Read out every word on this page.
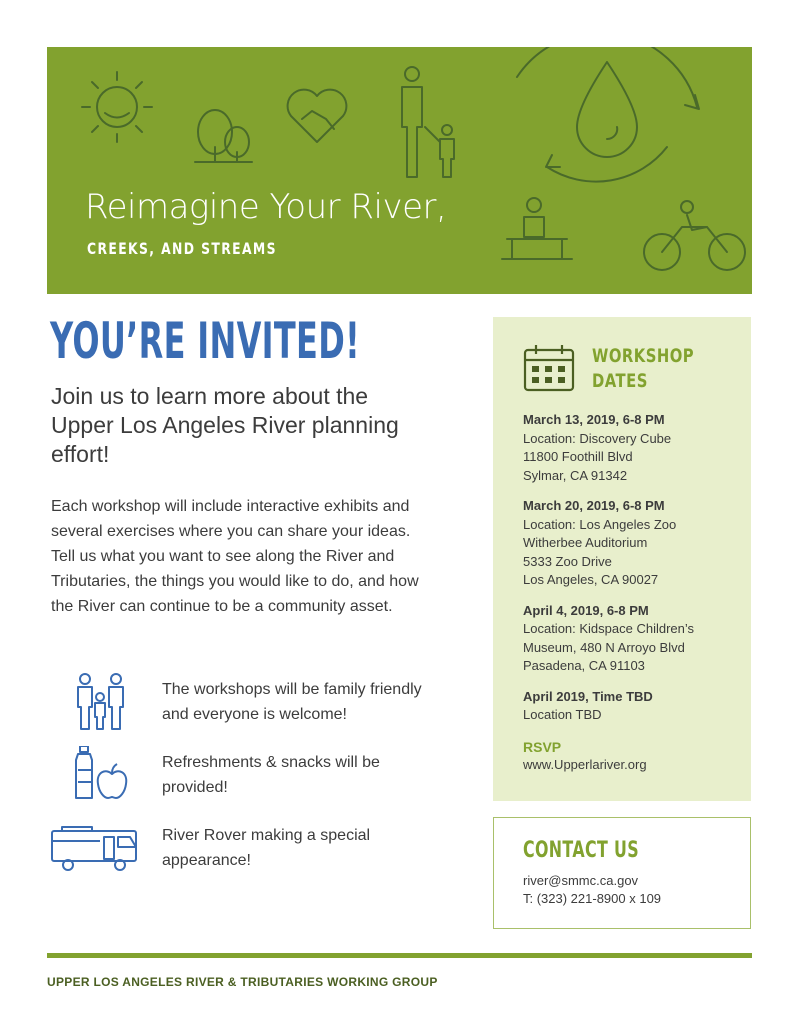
Reimagine Your River,
CREEKS, AND STREAMS
YOU’RE INVITED!
Join us to learn more about the Upper Los Angeles River planning effort!
Each workshop will include interactive exhibits and several exercises where you can share your ideas. Tell us what you want to see along the River and Tributaries, the things you would like to do, and how the River can continue to be a community asset.
The workshops will be family friendly and everyone is welcome!
Refreshments & snacks will be provided!
River Rover making a special appearance!
WORKSHOP
DATES
March 13, 2019, 6-8 PM
Location: Discovery Cube
11800 Foothill Blvd
Sylmar, CA 91342
March 20, 2019, 6-8 PM
Location: Los Angeles Zoo
Witherbee Auditorium
5333 Zoo Drive
Los Angeles, CA 90027
April 4, 2019, 6-8 PM
Location: Kidspace Children’s
Museum, 480 N Arroyo Blvd
Pasadena, CA 91103
April 2019, Time TBD
Location TBD
RSVP
www.Upperlariver.org
CONTACT US
river@smmc.ca.gov
T: (323) 221-8900 x 109
UPPER LOS ANGELES RIVER & TRIBUTARIES WORKING GROUP
